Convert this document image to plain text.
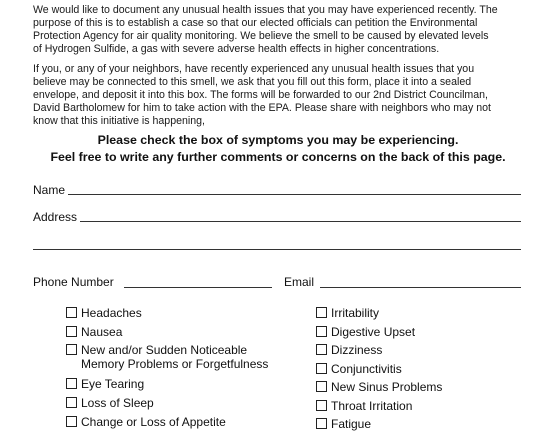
We would like to document any unusual health issues that you may have experienced recently. The
purpose of this is to establish a case so that our elected officials can petition the Environmental
Protection Agency for air quality monitoring. We believe the smell to be caused by elevated levels
of Hydrogen Sulfide, a gas with severe adverse health effects in higher concentrations.

If you, or any of your neighbors, have recently experienced any unusual health issues that you
believe may be connected to this smell, we ask that you fill out this form, place it into a sealed
envelope, and deposit it into this box. The forms will be forwarded to our 2nd District Councilman,
David Bartholomew for him to take action with the EPA. Please share with neighbors who may not
know that this initiative is happening,

Please check the box of symptoms you may be experiencing.
Feel free to write any further comments or concerns on the back of this page.
Name
Address
Phone Number	Email
Headaches
Nausea
New and/or Sudden Noticeable
Memory Problems or Forgetfulness
Eye Tearing
Loss of Sleep
Change or Loss of Appetite
Irritability
Digestive Upset
Dizziness
Conjunctivitis
New Sinus Problems
Throat Irritation
Fatigue
